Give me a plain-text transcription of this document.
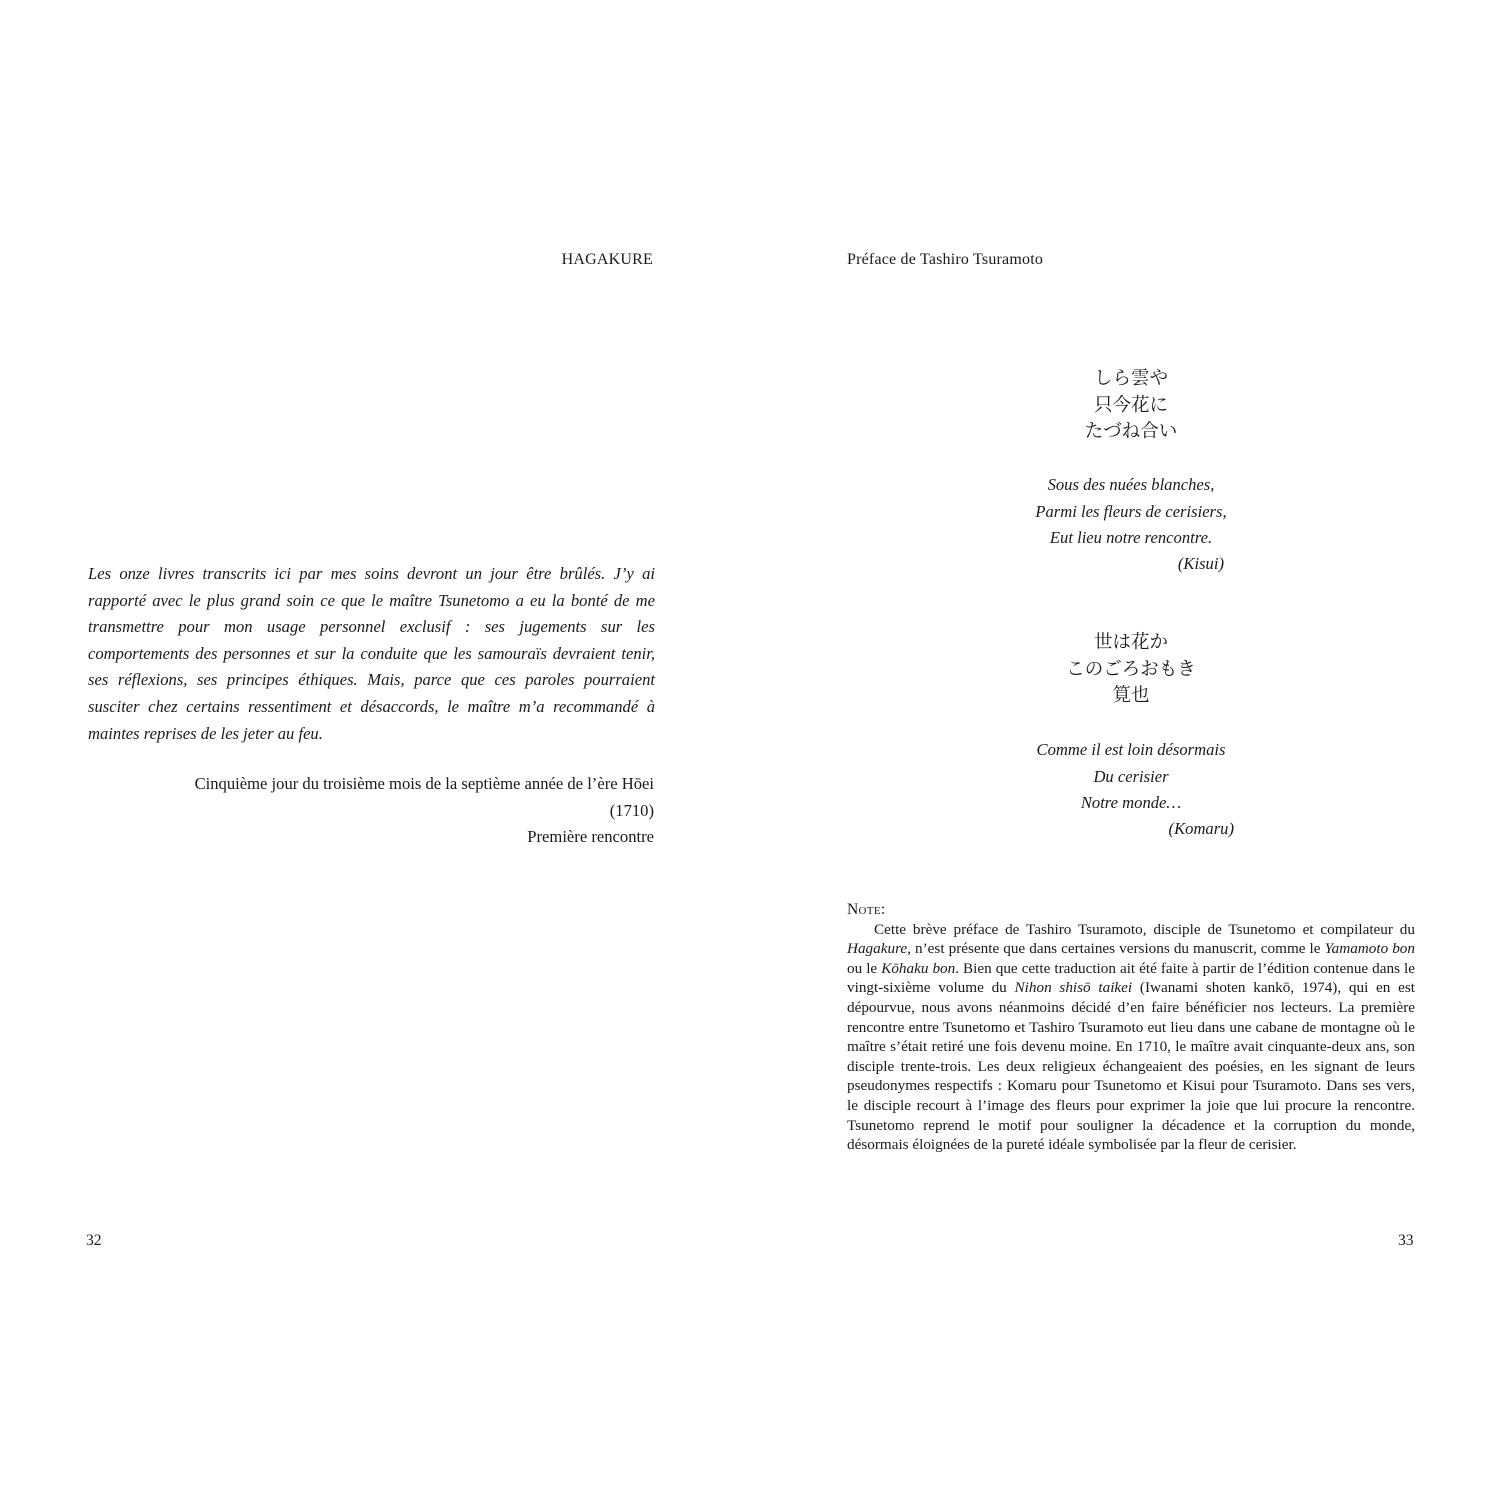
HAGAKURE

Les onze livres transcrits ici par mes soins devront un jour être brûlés. J’y ai rapporté avec le plus grand soin ce que le maître Tsunetomo a eu la bonté de me transmettre pour mon usage personnel exclusif : ses jugements sur les comportements des personnes et sur la conduite que les samouraïs devraient tenir, ses réflexions, ses principes éthiques. Mais, parce que ces paroles pourraient susciter chez certains ressentiment et désaccords, le maître m’a recommandé à maintes reprises de les jeter au feu.

Cinquième jour du troisième mois de la septième année de l’ère Hōei
(1710)
Première rencontre
32
Préface de Tashiro Tsuramoto
しら雲や
只今花に
たづね合い
Sous des nuées blanches,
Parmi les fleurs de cerisiers,
Eut lieu notre rencontre.
(Kisui)
世は花か
このごろおもき
筧也
Comme il est loin désormais
Du cerisier
Notre monde…
(Komaru)
Note:

Cette brève préface de Tashiro Tsuramoto, disciple de Tsunetomo et compilateur du Hagakure, n’est présente que dans certaines versions du manuscrit, comme le Yamamoto bon ou le Kōhaku bon. Bien que cette traduction ait été faite à partir de l’édition contenue dans le vingt-sixième volume du Nihon shisō taikei (Iwanami shoten kankō, 1974), qui en est dépourvue, nous avons néanmoins décidé d’en faire bénéficier nos lecteurs. La première rencontre entre Tsunetomo et Tashiro Tsuramoto eut lieu dans une cabane de montagne où le maître s’était retiré une fois devenu moine. En 1710, le maître avait cinquante-deux ans, son disciple trente-trois. Les deux religieux échangeaient des poésies, en les signant de leurs pseudonymes respectifs : Komaru pour Tsunetomo et Kisui pour Tsuramoto. Dans ses vers, le disciple recourt à l’image des fleurs pour exprimer la joie que lui procure la rencontre. Tsunetomo reprend le motif pour souligner la décadence et la corruption du monde, désormais éloignées de la pureté idéale symbolisée par la fleur de cerisier.

33
